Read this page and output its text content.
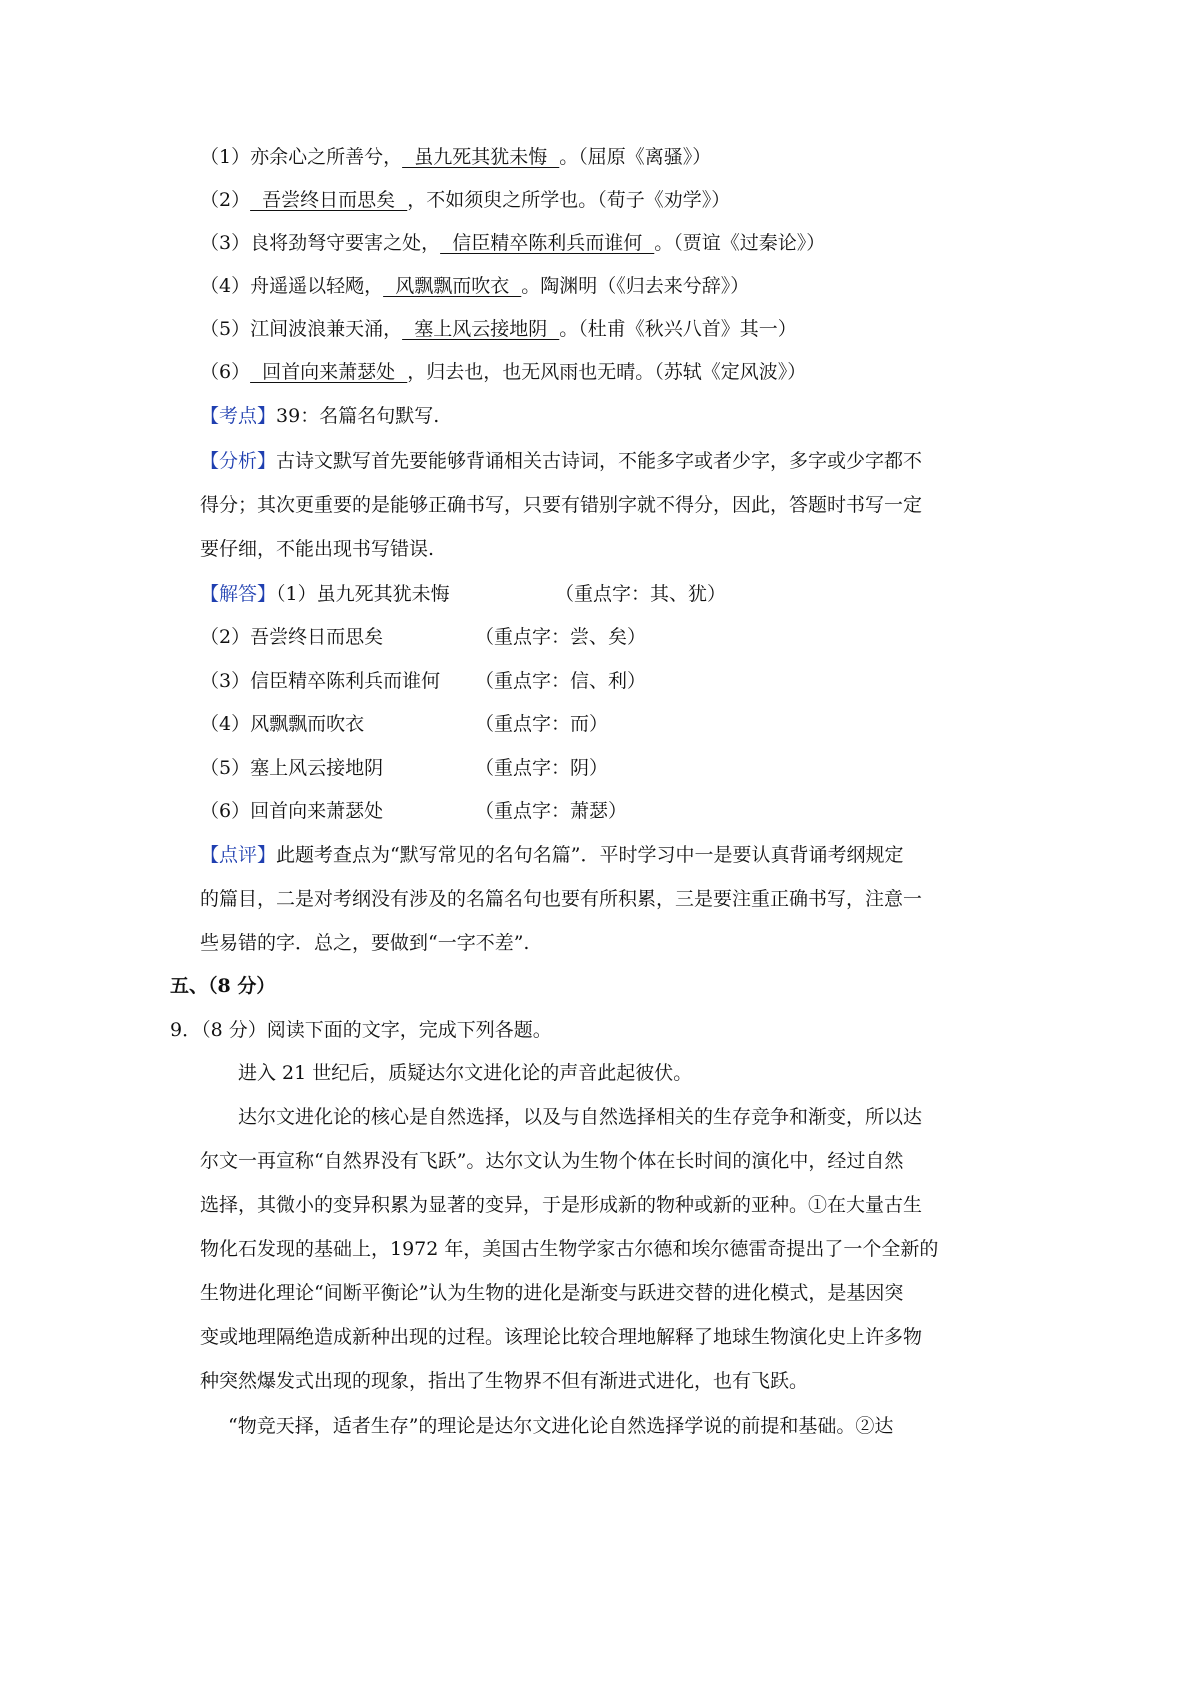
（1）亦余心之所善兮，  虽九死其犹未悔  。（屈原《离骚》）
（2）  吾尝终日而思矣  ，不如须臾之所学也。（荀子《劝学》）
（3）良将劲弩守要害之处，  信臣精卒陈利兵而谁何  。（贾谊《过秦论》）
（4）舟遥遥以轻飏，  风飘飘而吹衣  。陶渊明（《归去来兮辞》）
（5）江间波浪兼天涌，  塞上风云接地阴  。（杜甫《秋兴八首》其一）
（6）  回首向来萧瑟处  ，归去也，也无风雨也无晴。（苏轼《定风波》）
【考点】39：名篇名句默写.
【分析】古诗文默写首先要能够背诵相关古诗词，不能多字或者少字，多字或少字都不
得分；其次更重要的是能够正确书写，只要有错别字就不得分，因此，答题时书写一定
要仔细，不能出现书写错误.
【解答】（1）虽九死其犹未悔	（重点字：其、犹）
（2）吾尝终日而思矣	（重点字：尝、矣）
（3）信臣精卒陈利兵而谁何 （重点字：信、利）
（4）风飘飘而吹衣	（重点字：而）
（5）塞上风云接地阴	（重点字：阴）
（6）回首向来萧瑟处	（重点字：萧瑟）
【点评】此题考查点为“默写常见的名句名篇”．平时学习中一是要认真背诵考纲规定
的篇目，二是对考纲没有涉及的名篇名句也要有所积累，三是要注重正确书写，注意一
些易错的字．总之，要做到“一字不差”.
五、（8 分）
9．（8 分）阅读下面的文字，完成下列各题。
进入 21 世纪后，质疑达尔文进化论的声音此起彼伏。
达尔文进化论的核心是自然选择，以及与自然选择相关的生存竞争和渐变，所以达
尔文一再宣称“自然界没有飞跃”。达尔文认为生物个体在长时间的演化中，经过自然
选择，其微小的变异积累为显著的变异，于是形成新的物种或新的亚种。①在大量古生
物化石发现的基础上，1972 年，美国古生物学家古尔德和埃尔德雷奇提出了一个全新的
生物进化理论“间断平衡论”认为生物的进化是渐变与跃进交替的进化模式，是基因突
变或地理隔绝造成新种出现的过程。该理论比较合理地解释了地球生物演化史上许多物
种突然爆发式出现的现象，指出了生物界不但有渐进式进化，也有飞跃。
“物竞天择，适者生存”的理论是达尔文进化论自然选择学说的前提和基础。②达
